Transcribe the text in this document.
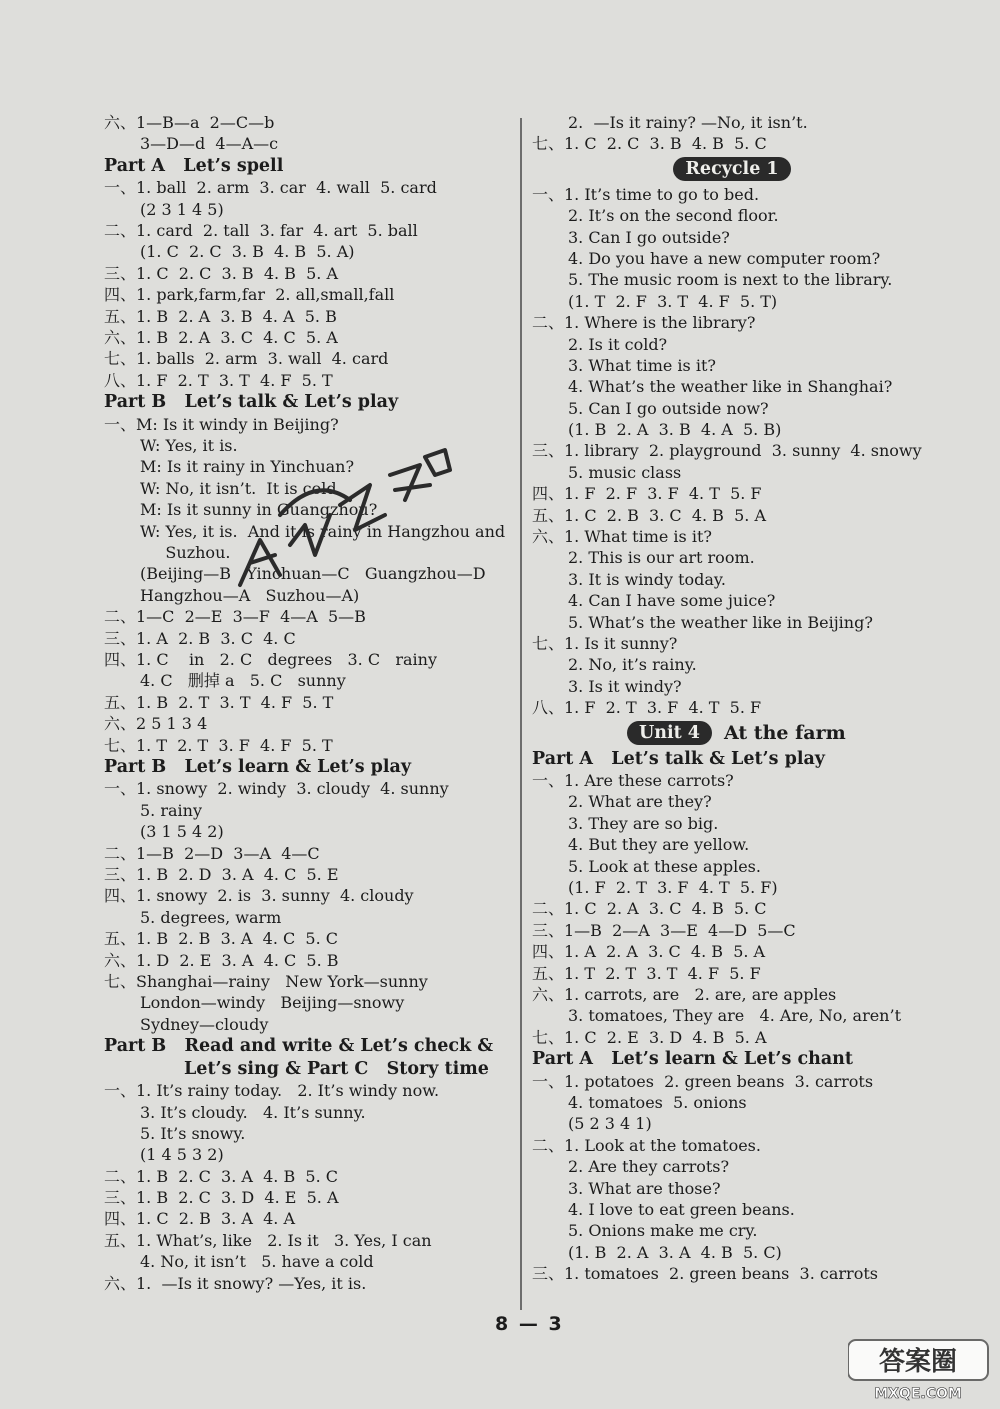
六、1—B—a  2—C—b
3—D—d  4—A—c
Part A   Let’s spell
一、1. ball  2. arm  3. car  4. wall  5. card
(2 3 1 4 5)
二、1. card  2. tall  3. far  4. art  5. ball
(1. C  2. C  3. B  4. B  5. A)
三、1. C  2. C  3. B  4. B  5. A
四、1. park,farm,far  2. all,small,fall
五、1. B  2. A  3. B  4. A  5. B
六、1. B  2. A  3. C  4. C  5. A
七、1. balls  2. arm  3. wall  4. card
八、1. F  2. T  3. T  4. F  5. T
Part B   Let’s talk & Let’s play
一、M: Is it windy in Beijing?
W: Yes, it is.
M: Is it rainy in Yinchuan?
W: No, it isn’t.  It is cold.
M: Is it sunny in Guangzhou?
W: Yes, it is.  And it is rainy in Hangzhou and
Suzhou.
(Beijing—B   Yinchuan—C   Guangzhou—D
Hangzhou—A   Suzhou—A)
二、1—C  2—E  3—F  4—A  5—B
三、1. A  2. B  3. C  4. C
四、1. C    in   2. C   degrees   3. C   rainy
4. C   删掉 a   5. C   sunny
五、1. B  2. T  3. T  4. F  5. T
六、2 5 1 3 4
七、1. T  2. T  3. F  4. F  5. T
Part B   Let’s learn & Let’s play
一、1. snowy  2. windy  3. cloudy  4. sunny
5. rainy
(3 1 5 4 2)
二、1—B  2—D  3—A  4—C
三、1. B  2. D  3. A  4. C  5. E
四、1. snowy  2. is  3. sunny  4. cloudy
5. degrees, warm
五、1. B  2. B  3. A  4. C  5. C
六、1. D  2. E  3. A  4. C  5. B
七、Shanghai—rainy   New York—sunny
London—windy   Beijing—snowy
Sydney—cloudy
Part B   Read and write & Let’s check &
Let’s sing & Part C   Story time
一、1. It’s rainy today.   2. It’s windy now.
3. It’s cloudy.   4. It’s sunny.
5. It’s snowy.
(1 4 5 3 2)
二、1. B  2. C  3. A  4. B  5. C
三、1. B  2. C  3. D  4. E  5. A
四、1. C  2. B  3. A  4. A
五、1. What’s, like   2. Is it   3. Yes, I can
4. No, it isn’t   5. have a cold
六、1.  —Is it snowy? —Yes, it is.
2.  —Is it rainy? —No, it isn’t.
七、1. C  2. C  3. B  4. B  5. C
Recycle 1
一、1. It’s time to go to bed.
2. It’s on the second floor.
3. Can I go outside?
4. Do you have a new computer room?
5. The music room is next to the library.
(1. T  2. F  3. T  4. F  5. T)
二、1. Where is the library?
2. Is it cold?
3. What time is it?
4. What’s the weather like in Shanghai?
5. Can I go outside now?
(1. B  2. A  3. B  4. A  5. B)
三、1. library  2. playground  3. sunny  4. snowy
5. music class
四、1. F  2. F  3. F  4. T  5. F
五、1. C  2. B  3. C  4. B  5. A
六、1. What time is it?
2. This is our art room.
3. It is windy today.
4. Can I have some juice?
5. What’s the weather like in Beijing?
七、1. Is it sunny?
2. No, it’s rainy.
3. Is it windy?
八、1. F  2. T  3. F  4. T  5. F
Unit 4	At the farm
Part A   Let’s talk & Let’s play
一、1. Are these carrots?
2. What are they?
3. They are so big.
4. But they are yellow.
5. Look at these apples.
(1. F  2. T  3. F  4. T  5. F)
二、1. C  2. A  3. C  4. B  5. C
三、1—B  2—A  3—E  4—D  5—C
四、1. A  2. A  3. C  4. B  5. A
五、1. T  2. T  3. T  4. F  5. F
六、1. carrots, are   2. are, are apples
3. tomatoes, They are   4. Are, No, aren’t
七、1. C  2. E  3. D  4. B  5. A
Part A   Let’s learn & Let’s chant
一、1. potatoes  2. green beans  3. carrots
4. tomatoes  5. onions
(5 2 3 4 1)
二、1. Look at the tomatoes.
2. Are they carrots?
3. What are those?
4. I love to eat green beans.
5. Onions make me cry.
(1. B  2. A  3. A  4. B  5. C)
三、1. tomatoes  2. green beans  3. carrots
8 — 3
答案圈
MXQE.COM
